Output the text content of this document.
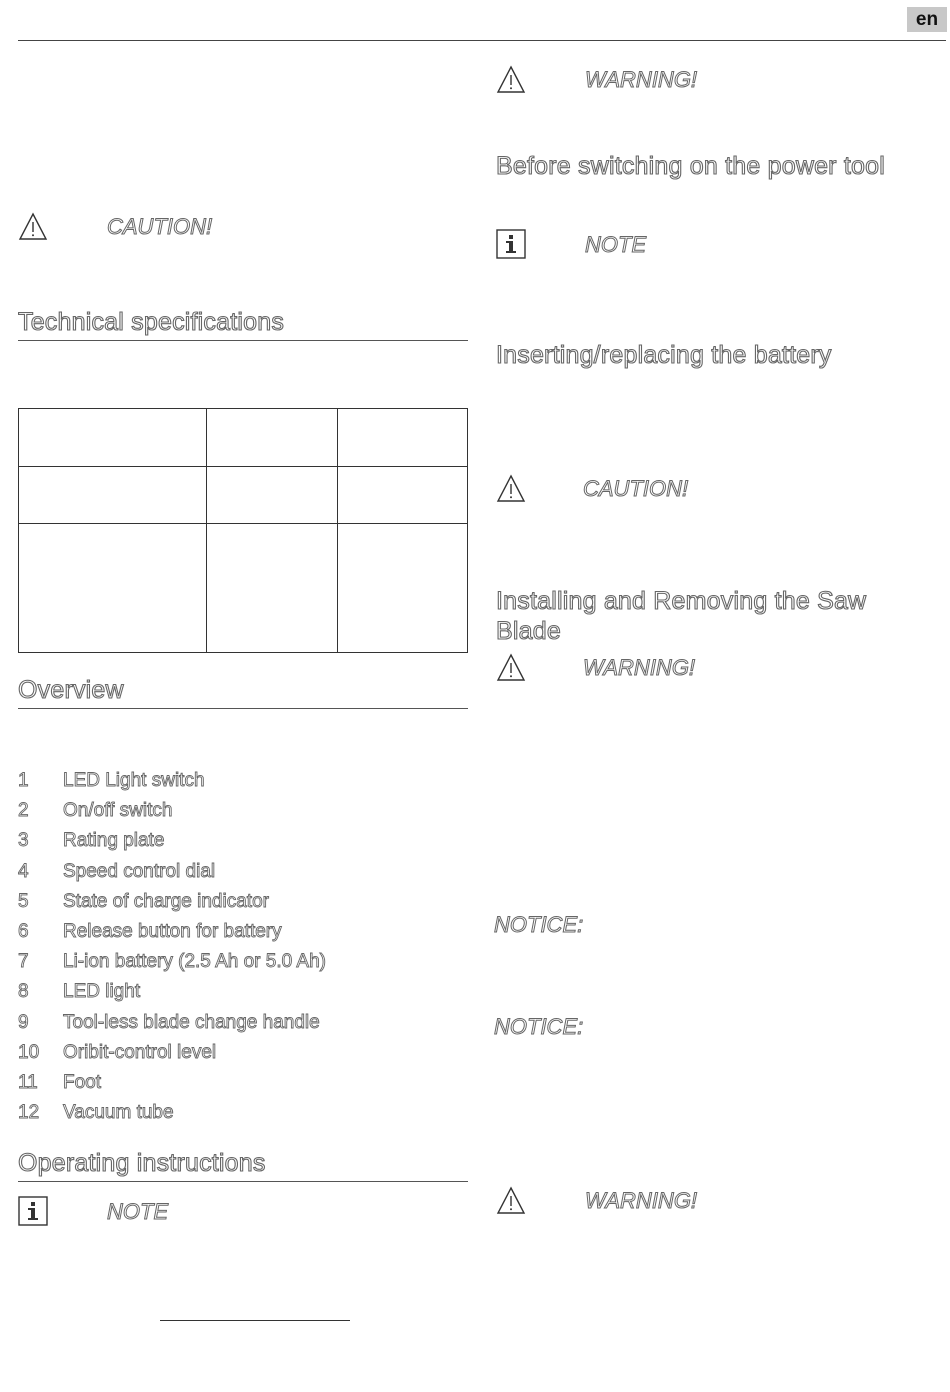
en
CAUTION!
Technical specifications

Overview
1 LED Light switch
2 On/off switch
3 Rating plate
4 Speed control dial
5 State of charge indicator
6 Release button for battery
7 Li-ion battery (2.5 Ah or 5.0 Ah)
8 LED light
9 Tool-less blade change handle
10 Oribit-control level
11 Foot
12 Vacuum tube
Operating instructions
NOTE
WARNING!
Before switching on the power tool
NOTE
Inserting/replacing the battery
CAUTION!
Installing and Removing the Saw Blade
WARNING!
NOTICE:
NOTICE:
WARNING!
